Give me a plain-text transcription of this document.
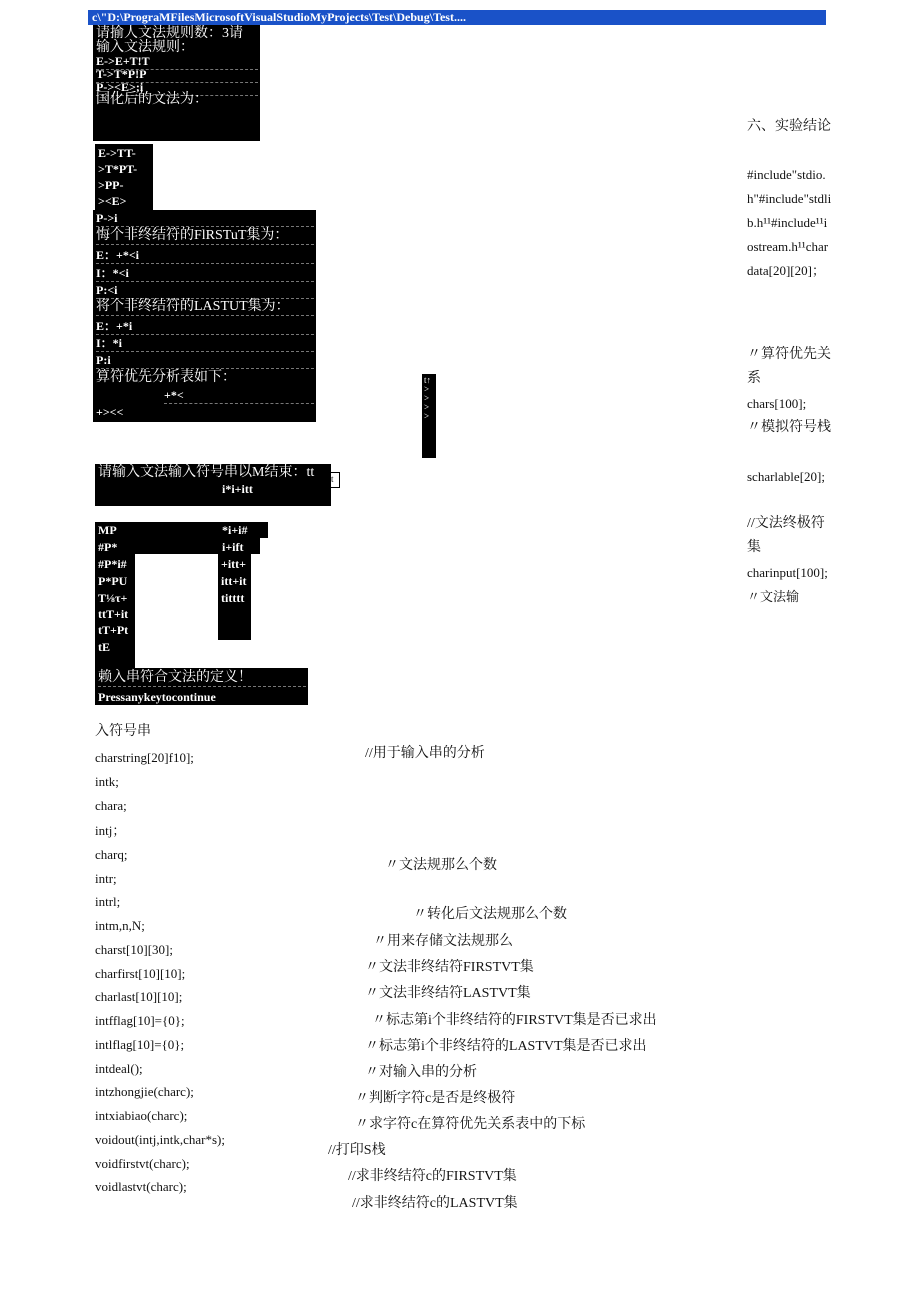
c\"D:\PrograMFilesMicrosoftVisualStudioMyProjects\Test\Debug\Test....
请揄人文法规则数：3请
输入文法规则：
E->E+T!T
T->T*P!P
P-><E>;i
国化后的文法为：
E->TT-
>T*PT-
>PP-
><E>
P->i
悔个非终结符的FlRSTuT集为：
E：+*<i
I：*<i
P:<i
将个非终结符的LASTUT集为：
E：+*i
I：*i
P:i
算符优先分析表如下：
+*<
+><<
t↑>>>>
请输入文法输入符号串以M结束：tt
i*i+itt
t
MP
#P*
#P*i#
P*PU
T⅛τ+
ttT+it
tT+Pt
tE
*i+i#
i+ift
+itt+
itt+it
titttt
赖入串符合文法的定义！
Pressanykeytocontinue
六、实验结论
#include"stdio.h"#include"stdlib.h¹¹#include¹¹iostream.h¹¹chardata[20][20]；
〃算符优先关系
chars[100];
〃模拟符号栈
scharlable[20];
//文法终极符集
charinput[100];〃文法输
入符号串
charstring[20]f10];
intk;
chara;
intj；
charq;
intr;
intrl;
intm,n,N;
charst[10][30];
charfirst[10][10];
charlast[10][10];
intfflag[10]={0};
intlflag[10]={0};
intdeal();
intzhongjie(charc);
intxiabiao(charc);
voidout(intj,intk,char*s);
voidfirstvt(charc);
voidlastvt(charc);
//用于输入串的分析
〃文法规那么个数
〃转化后文法规那么个数
〃用来存储文法规那么
〃文法非终结符FIRSTVT集
〃文法非终结符LASTVT集
〃标志第i个非终结符的FIRSTVT集是否已求出
〃标志第i个非终结符的LASTVT集是否已求出
〃对输入串的分析
〃判断字符c是否是终极符
〃求字符c在算符优先关系表中的下标
//打印S栈
//求非终结符c的FIRSTVT集
//求非终结符c的LASTVT集
